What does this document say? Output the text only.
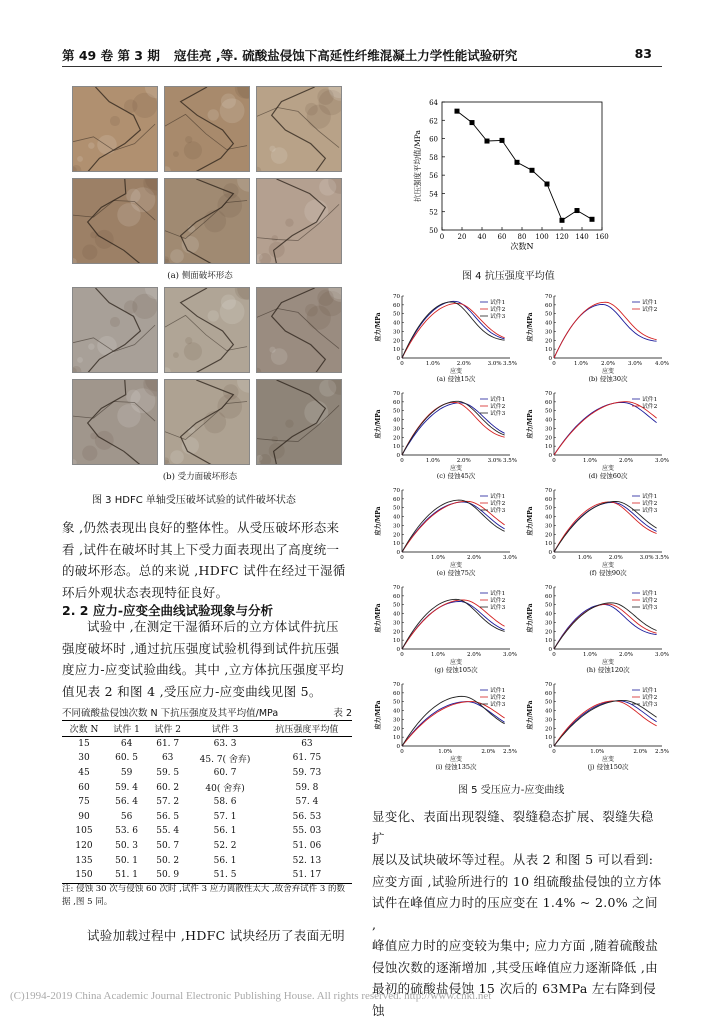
第 49 卷 第 3 期 寇佳亮 ,等. 硫酸盐侵蚀下高延性纤维混凝土力学性能试验研究	83
(a) 侧面破坏形态
(b) 受力面破坏形态
图 3 HDFC 单轴受压破坏试验的试件破坏状态
象 ,仍然表现出良好的整体性。从受压破坏形态来
看 ,试件在破坏时其上下受力面表现出了高度统一
的破坏形态。总的来说 ,HDFC 试件在经过干湿循
环后外观状态表现特征良好。
2. 2 应力-应变全曲线试验现象与分析
试验中 ,在测定干湿循环后的立方体试件抗压
强度破坏时 ,通过抗压强度试验机得到试件抗压强
度应力-应变试验曲线。其中 ,立方体抗压强度平均
值见表 2 和图 4 ,受压应力-应变曲线见图 5。
不同硫酸盐侵蚀次数 N 下抗压强度及其平均值/MPa	表 2
次数 N	试件 1	试件 2	试件 3	抗压强度平均值
15	64	61. 7	63. 3	63
30	60. 5	63	45. 7( 舍弃)	61. 75
45	59	59. 5	60. 7	59. 73
60	59. 4	60. 2	40( 舍弃)	59. 8
75	56. 4	57. 2	58. 6	57. 4
90	56	56. 5	57. 1	56. 53
105	53. 6	55. 4	56. 1	55. 03
120	50. 3	50. 7	52. 2	51. 06
135	50. 1	50. 2	56. 1	52. 13
150	51. 1	50. 9	51. 5	51. 17
注: 侵蚀 30 次与侵蚀 60 次时 ,试件 3 应力离散性太大 ,故舍弃试件 3 的数据 ,图 5 同。
试验加载过程中 ,HDFC 试块经历了表面无明
50
52
54
56
58
60
62
64
0 20 40 60 80 100 120 140 160
次数N
抗压强度平均值/MPa
图 4 抗压强度平均值
0
10
20
30
40
50
60
70
0	1.0%	2.0%	3.0% 3.5%
应力/MPa
应变
(a) 侵蚀15次
试件1
试件2
试件3
0
10
20
30
40
50
60
70
0	1.0% 2.0% 3.0% 4.0%
应力/MPa
应变
(b) 侵蚀30次
试件1
试件2
0
10
20
30
40
50
60
70
0	1.0%	2.0%	3.0% 3.5%
应力/MPa
应变
(c) 侵蚀45次
试件1
试件2
试件3
0
10
20
30
40
50
60
70
0	1.0%	2.0%	3.0%
应力/MPa
应变
(d) 侵蚀60次
试件1
试件2
0
10
20
30
40
50
60
70
0	1.0%	2.0%	3.0%
应力/MPa
应变
(e) 侵蚀75次
试件1
试件2
试件3
0
10
20
30
40
50
60
70
0	1.0%	2.0%	3.0% 3.5%
应力/MPa
应变
(f) 侵蚀90次
试件1
试件2
试件3
0
10
20
30
40
50
60
70
0	1.0%	2.0%	3.0%
应力/MPa
应变
(g) 侵蚀105次
试件1
试件2
试件3
0
10
20
30
40
50
60
70
0	1.0%	2.0%	3.0%
应力/MPa
应变
(h) 侵蚀120次
试件1
试件2
试件3
0
10
20
30
40
50
60
70
0	1.0%	2.0% 2.5%
应力/MPa
应变
(i) 侵蚀135次
试件1
试件2
试件3
0
10
20
30
40
50
60
70
0	1.0%	2.0% 2.5%
应力/MPa
应变
(j) 侵蚀150次
试件1
试件2
试件3
图 5 受压应力-应变曲线
显变化、表面出现裂缝、裂缝稳态扩展、裂缝失稳扩
展以及试块破坏等过程。从表 2 和图 5 可以看到:
应变方面 ,试验所进行的 10 组硫酸盐侵蚀的立方体
试件在峰值应力时的压应变在 1.4% ~ 2.0% 之间 ,
峰值应力时的应变较为集中; 应力方面 ,随着硫酸盐
侵蚀次数的逐渐增加 ,其受压峰值应力逐渐降低 ,由
最初的硫酸盐侵蚀 15 次后的 63MPa 左右降到侵蚀
(C)1994-2019 China Academic Journal Electronic Publishing House. All rights reserved. http://www.cnki.net
